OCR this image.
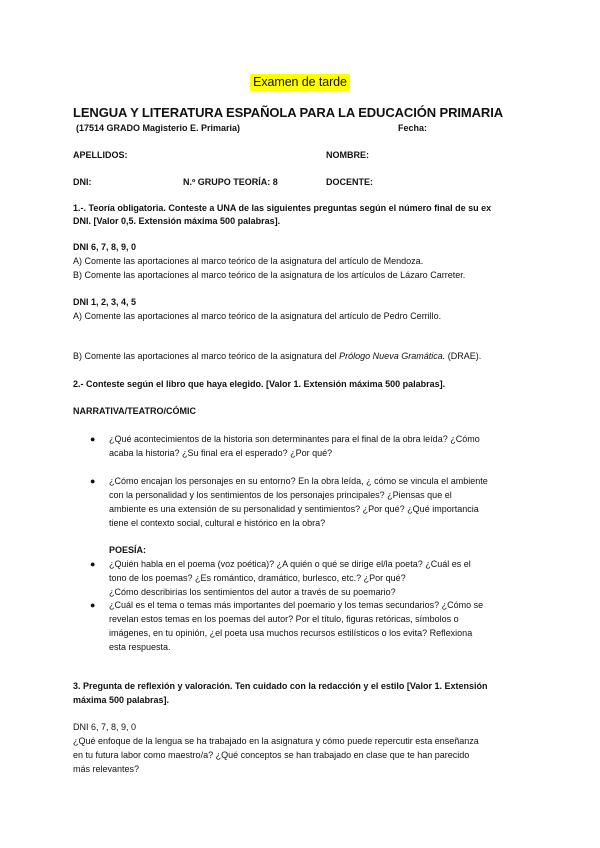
Examen de tarde
LENGUA Y LITERATURA ESPAÑOLA PARA LA EDUCACIÓN PRIMARIA
(17514 GRADO Magisterio E. Primaria)	Fecha:
APELLIDOS:	NOMBRE:
DNI:	N.º GRUPO TEORÍA: 8	DOCENTE:
1.-. Teoría obligatoria. Conteste a UNA de las siguientes preguntas según el número final de su ex
DNI. [Valor 0,5. Extensión máxima 500 palabras].
DNI 6, 7, 8, 9, 0
A) Comente las aportaciones al marco teórico de la asignatura del artículo de Mendoza.
B) Comente las aportaciones al marco teórico de la asignatura de los artículos de Lázaro Carreter.
DNI 1, 2, 3, 4, 5
A) Comente las aportaciones al marco teórico de la asignatura del artículo de Pedro Cerrillo.
B) Comente las aportaciones al marco teórico de la asignatura del Prólogo Nueva Gramática. (DRAE).
2.- Conteste según el libro que haya elegido. [Valor 1. Extensión máxima 500 palabras].
NARRATIVA/TEATRO/CÓMIC
● ¿Qué acontecimientos de la historia son determinantes para el final de la obra leída? ¿Cómo
acaba la historia? ¿Su final era el esperado? ¿Por qué?
● ¿Cómo encajan los personajes en su entorno? En la obra leída, ¿ cómo se vincula el ambiente
con la personalidad y los sentimientos de los personajes principales? ¿Piensas que el
ambiente es una extensión de su personalidad y sentimientos? ¿Por qué? ¿Qué importancia
tiene el contexto social, cultural e histórico en la obra?
POESÍA:
● ¿Quién habla en el poema (voz poética)? ¿A quién o qué se dirige el/la poeta? ¿Cuál es el
tono de los poemas? ¿Es romántico, dramático, burlesco, etc.? ¿Por qué?
¿Cómo describirías los sentimientos del autor a través de su poemario?
● ¿Cuál es el tema o temas más importantes del poemario y los temas secundarios? ¿Cómo se
revelan estos temas en los poemas del autor? Por el título, figuras retóricas, símbolos o
imágenes, en tu opinión, ¿el poeta usa muchos recursos estilísticos o los evita? Reflexiona
esta respuesta.
3. Pregunta de reflexión y valoración. Ten cuidado con la redacción y el estilo [Valor 1. Extensión
máxima 500 palabras].
DNI 6, 7, 8, 9, 0
¿Qué enfoque de la lengua se ha trabajado en la asignatura y cómo puede repercutir esta enseñanza
en tu futura labor como maestro/a? ¿Qué conceptos se han trabajado en clase que te han parecido
más relevantes?
